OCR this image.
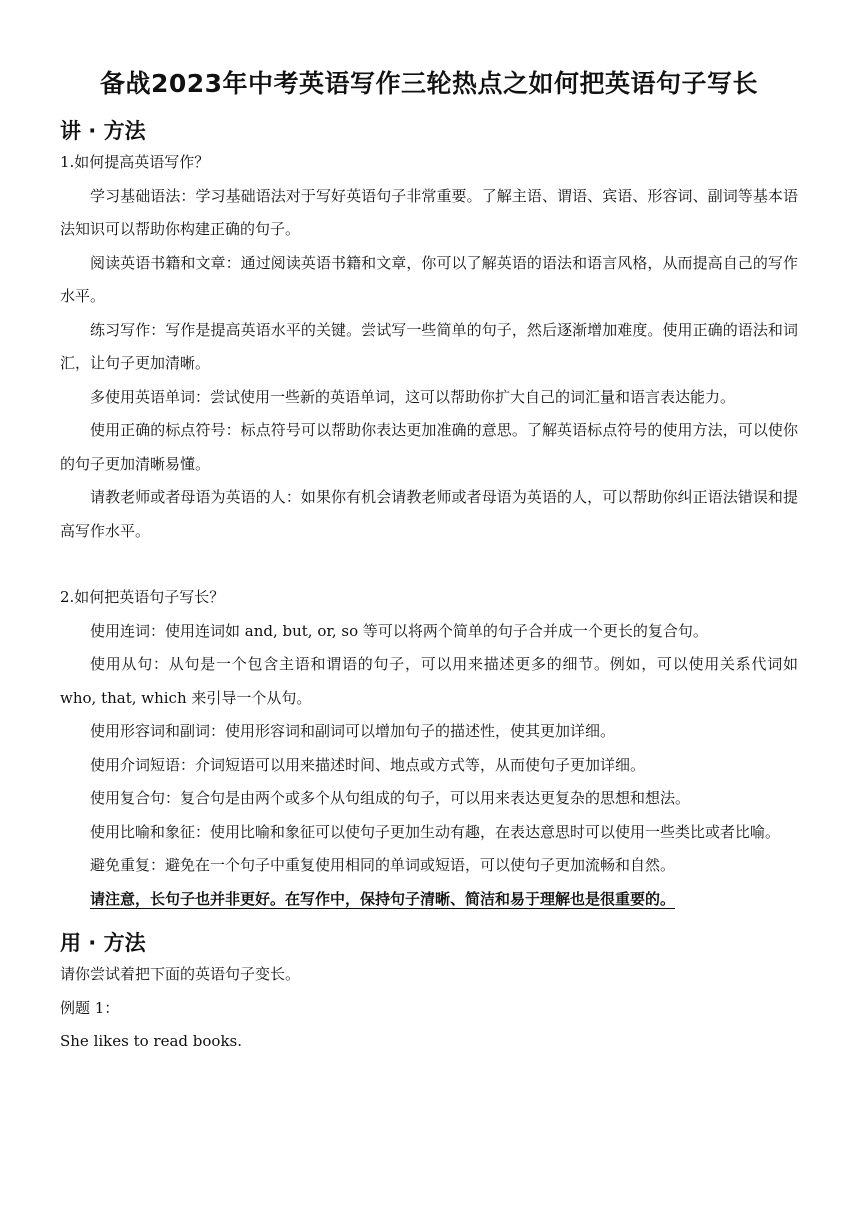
备战2023年中考英语写作三轮热点之如何把英语句子写长
讲 · 方法

1.如何提高英语写作？

学习基础语法：学习基础语法对于写好英语句子非常重要。了解主语、谓语、宾语、形容词、副词等基本语法知识可以帮助你构建正确的句子。

阅读英语书籍和文章：通过阅读英语书籍和文章，你可以了解英语的语法和语言风格，从而提高自己的写作水平。

练习写作：写作是提高英语水平的关键。尝试写一些简单的句子，然后逐渐增加难度。使用正确的语法和词汇，让句子更加清晰。

多使用英语单词：尝试使用一些新的英语单词，这可以帮助你扩大自己的词汇量和语言表达能力。

使用正确的标点符号：标点符号可以帮助你表达更加准确的意思。了解英语标点符号的使用方法，可以使你的句子更加清晰易懂。

请教老师或者母语为英语的人：如果你有机会请教老师或者母语为英语的人，可以帮助你纠正语法错误和提高写作水平。

2.如何把英语句子写长？

使用连词：使用连词如 and, but, or, so 等可以将两个简单的句子合并成一个更长的复合句。

使用从句：从句是一个包含主语和谓语的句子，可以用来描述更多的细节。例如，可以使用关系代词如 who, that, which 来引导一个从句。

使用形容词和副词：使用形容词和副词可以增加句子的描述性，使其更加详细。

使用介词短语：介词短语可以用来描述时间、地点或方式等，从而使句子更加详细。

使用复合句：复合句是由两个或多个从句组成的句子，可以用来表达更复杂的思想和想法。

使用比喻和象征：使用比喻和象征可以使句子更加生动有趣，在表达意思时可以使用一些类比或者比喻。

避免重复：避免在一个句子中重复使用相同的单词或短语，可以使句子更加流畅和自然。

请注意，长句子也并非更好。在写作中，保持句子清晰、简洁和易于理解也是很重要的。

用 · 方法

请你尝试着把下面的英语句子变长。

例题 1：

She likes to read books.
